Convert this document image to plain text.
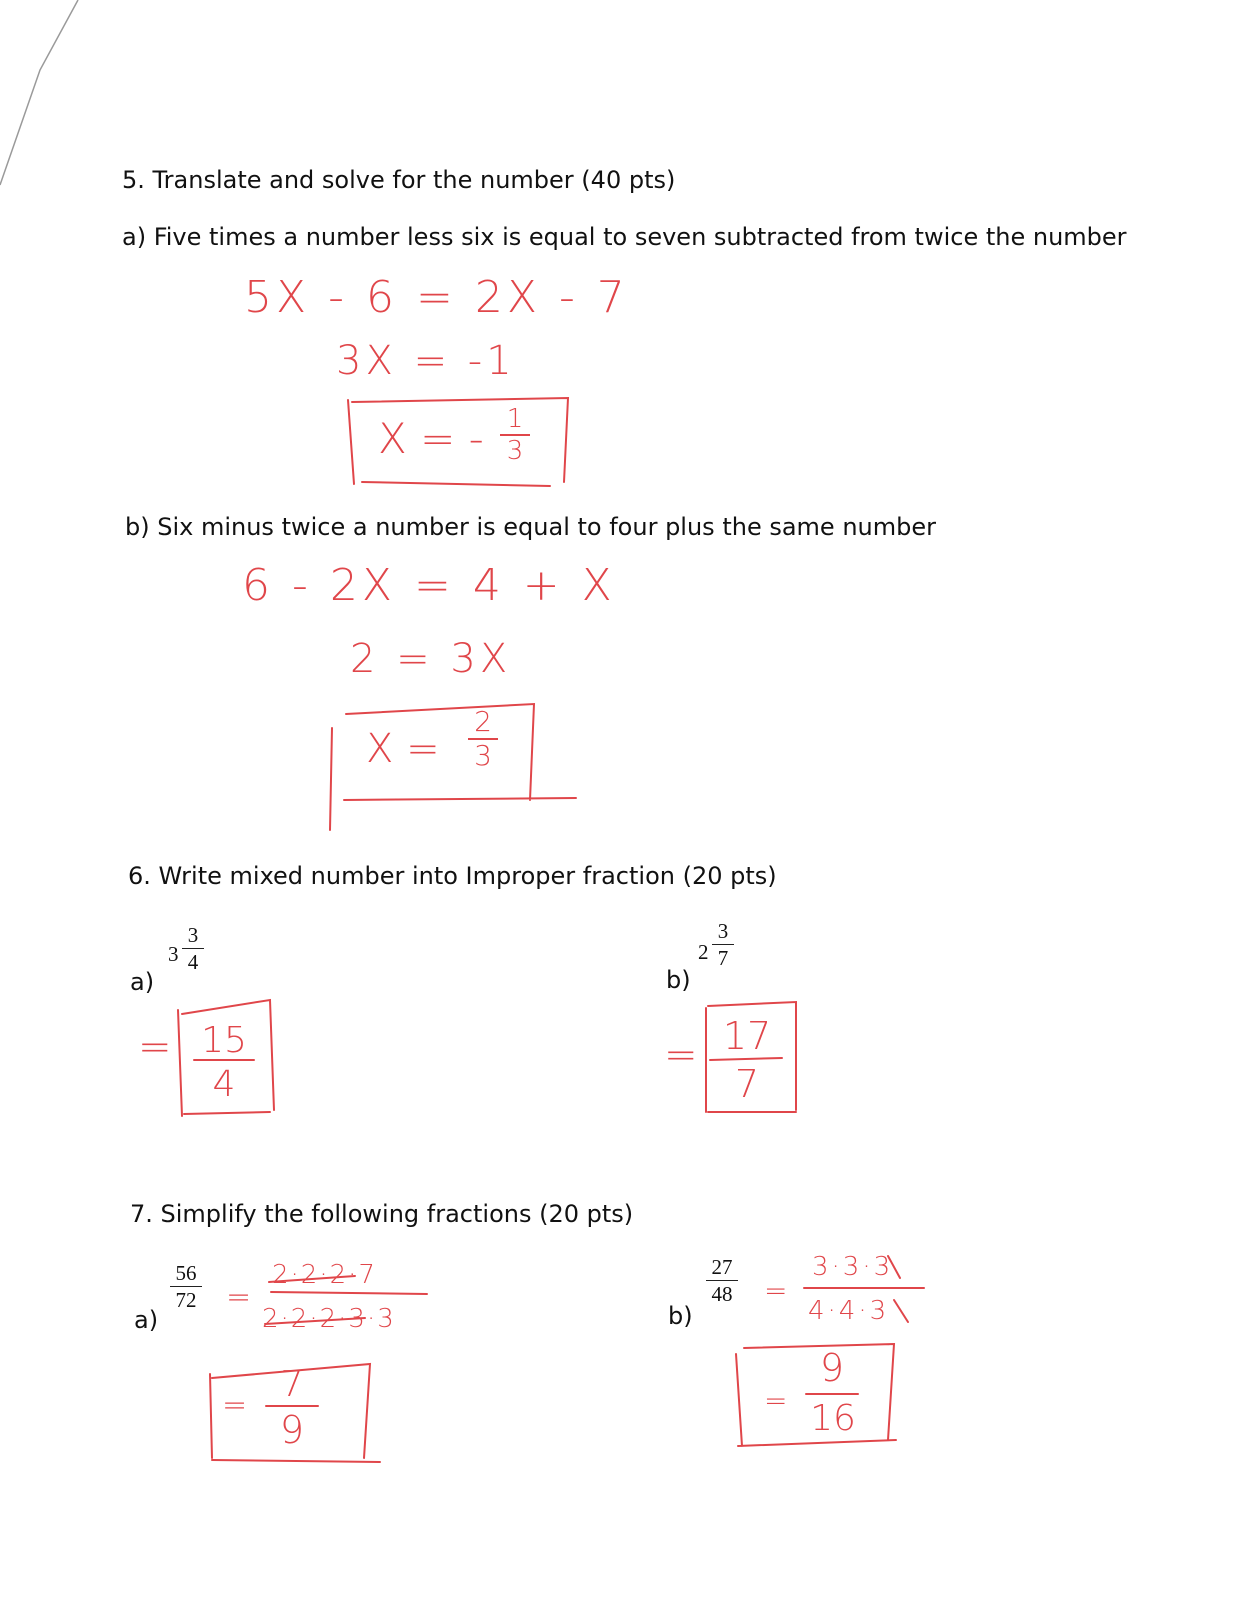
5. Translate and solve for the number (40 pts)
a) Five times a number less six is equal to seven subtracted from twice the number
5X - 6 = 2X - 7
3X = -1
X = - 1
3
b) Six minus twice a number is equal to four plus the same number
6 - 2X = 4 + X
2 = 3X
X =
2
3
6. Write mixed number into Improper fraction (20 pts)
a)
3
3
4
= 15
4
b)
2
3
7
= 17
7
7. Simplify the following fractions (20 pts)
a)
56
72 =
2·2·2·7
2·2·2·3·3
=
7
9
b)
27
48 =
3·3·3
4·4·3
=
9
16
